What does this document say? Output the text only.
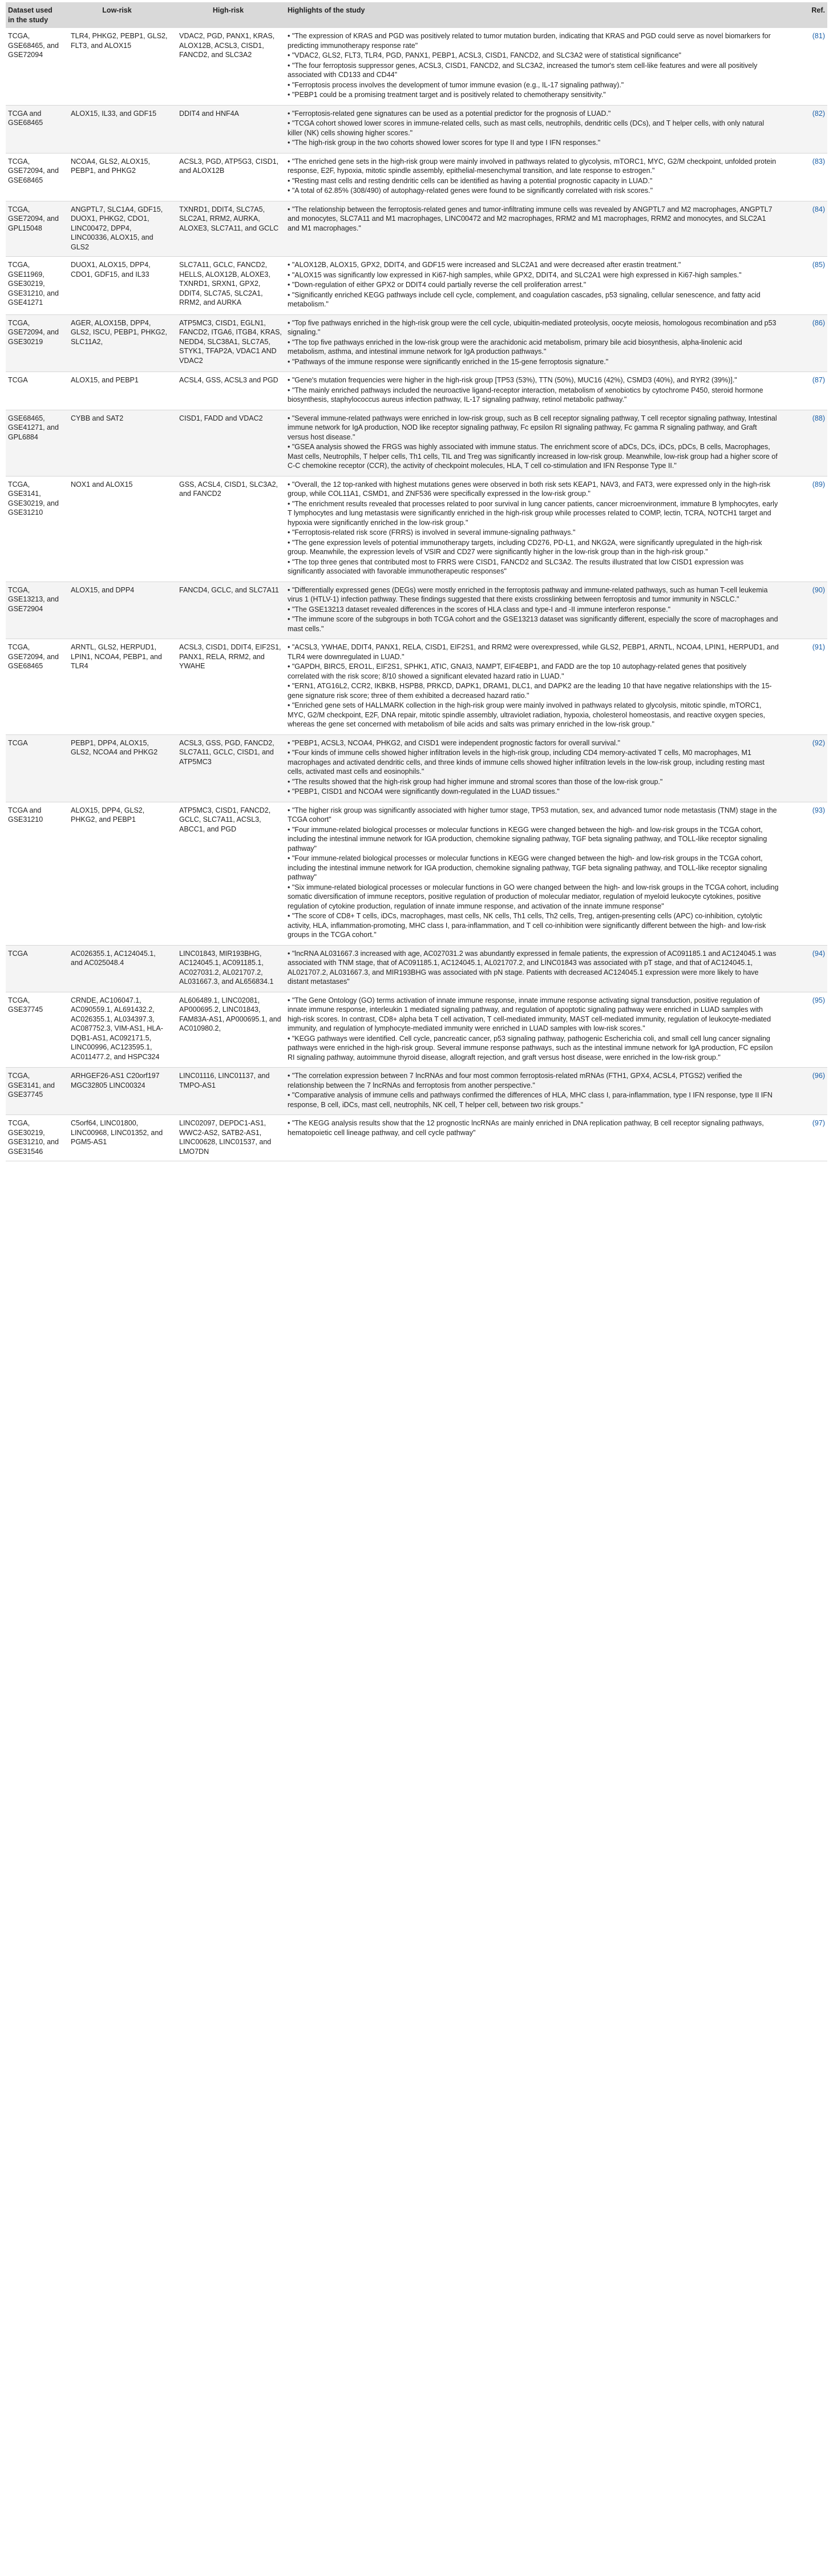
Dataset used in the study	Low-risk	High-risk	Highlights of the study	Ref.
TCGA, GSE68465, and GSE72094	TLR4, PHKG2, PEBP1, GLS2, FLT3, and ALOX15	VDAC2, PGD, PANX1, KRAS, ALOX12B, ACSL3, CISD1, FANCD2, and SLC3A2	• "The expression of KRAS and PGD was positively related to tumor mutation burden, indicating that KRAS and PGD could serve as novel biomarkers for predicting immunotherapy response rate"
• "VDAC2, GLS2, FLT3, TLR4, PGD, PANX1, PEBP1, ACSL3, CISD1, FANCD2, and SLC3A2 were of statistical significance"
• "The four ferroptosis suppressor genes, ACSL3, CISD1, FANCD2, and SLC3A2, increased the tumor's stem cell-like features and were all positively associated with CD133 and CD44"
• "Ferroptosis process involves the development of tumor immune evasion (e.g., IL-17 signaling pathway)."
• "PEBP1 could be a promising treatment target and is positively related to chemotherapy sensitivity."	(81)
TCGA and GSE68465	ALOX15, IL33, and GDF15	DDIT4 and HNF4A	• "Ferroptosis-related gene signatures can be used as a potential predictor for the prognosis of LUAD."
• "TCGA cohort showed lower scores in immune-related cells, such as mast cells, neutrophils, dendritic cells (DCs), and T helper cells, with only natural killer (NK) cells showing higher scores."
• "The high-risk group in the two cohorts showed lower scores for type II and type I IFN responses."	(82)
TCGA, GSE72094, and GSE68465	NCOA4, GLS2, ALOX15, PEBP1, and PHKG2	ACSL3, PGD, ATP5G3, CISD1, and ALOX12B	• "The enriched gene sets in the high-risk group were mainly involved in pathways related to glycolysis, mTORC1, MYC, G2/M checkpoint, unfolded protein response, E2F, hypoxia, mitotic spindle assembly, epithelial-mesenchymal transition, and late response to estrogen."
• "Resting mast cells and resting dendritic cells can be identified as having a potential prognostic capacity in LUAD."
• "A total of 62.85% (308/490) of autophagy-related genes were found to be significantly correlated with risk scores."	(83)
TCGA, GSE72094, and GPL15048	ANGPTL7, SLC1A4, GDF15, DUOX1, PHKG2, CDO1, LINC00472, DPP4, LINC00336, ALOX15, and GLS2	TXNRD1, DDIT4, SLC7A5, SLC2A1, RRM2, AURKA, ALOXE3, SLC7A11, and GCLC	• "The relationship between the ferroptosis-related genes and tumor-infiltrating immune cells was revealed by ANGPTL7 and M2 macrophages, ANGPTL7 and monocytes, SLC7A11 and M1 macrophages, LINC00472 and M2 macrophages, RRM2 and M1 macrophages, RRM2 and monocytes, and SLC2A1 and M1 macrophages."	(84)
TCGA, GSE11969, GSE30219, GSE31210, and GSE41271	DUOX1, ALOX15, DPP4, CDO1, GDF15, and IL33	SLC7A11, GCLC, FANCD2, HELLS, ALOX12B, ALOXE3, TXNRD1, SRXN1, GPX2, DDIT4, SLC7A5, SLC2A1, RRM2, and AURKA	• "ALOX12B, ALOX15, GPX2, DDIT4, and GDF15 were increased and SLC2A1 and were decreased after erastin treatment."
• "ALOX15 was significantly low expressed in Ki67-high samples, while GPX2, DDIT4, and SLC2A1 were high expressed in Ki67-high samples."
• "Down-regulation of either GPX2 or DDIT4 could partially reverse the cell proliferation arrest."
• "Significantly enriched KEGG pathways include cell cycle, complement, and coagulation cascades, p53 signaling, cellular senescence, and fatty acid metabolism."	(85)
TCGA, GSE72094, and GSE30219	AGER, ALOX15B, DPP4, GLS2, ISCU, PEBP1, PHKG2, SLC11A2,	ATP5MC3, CISD1, EGLN1, FANCD2, ITGA6, ITGB4, KRAS, NEDD4, SLC38A1, SLC7A5, STYK1, TFAP2A, VDAC1 AND VDAC2	• "Top five pathways enriched in the high-risk group were the cell cycle, ubiquitin-mediated proteolysis, oocyte meiosis, homologous recombination and p53 signaling."
• "The top five pathways enriched in the low-risk group were the arachidonic acid metabolism, primary bile acid biosynthesis, alpha-linolenic acid metabolism, asthma, and intestinal immune network for IgA production pathways."
• "Pathways of the immune response were significantly enriched in the 15-gene ferroptosis signature."	(86)
TCGA	ALOX15, and PEBP1	ACSL4, GSS, ACSL3 and PGD	• "Gene's mutation frequencies were higher in the high-risk group [TP53 (53%), TTN (50%), MUC16 (42%), CSMD3 (40%), and RYR2 (39%)]."
• "The mainly enriched pathways included the neuroactive ligand-receptor interaction, metabolism of xenobiotics by cytochrome P450, steroid hormone biosynthesis, staphylococcus aureus infection pathway, IL-17 signaling pathway, retinol metabolic pathway."	(87)
GSE68465, GSE41271, and GPL6884	CYBB and SAT2	CISD1, FADD and VDAC2	• "Several immune-related pathways were enriched in low-risk group, such as B cell receptor signaling pathway, T cell receptor signaling pathway, Intestinal immune network for IgA production, NOD like receptor signaling pathway, Fc epsilon RI signaling pathway, Fc gamma R signaling pathway, and Graft versus host disease."
• "GSEA analysis showed the FRGS was highly associated with immune status. The enrichment score of aDCs, DCs, iDCs, pDCs, B cells, Macrophages, Mast cells, Neutrophils, T helper cells, Th1 cells, TIL and Treg was significantly increased in low-risk group. Meanwhile, low-risk group had a higher score of C-C chemokine receptor (CCR), the activity of checkpoint molecules, HLA, T cell co-stimulation and IFN Response Type II."	(88)
TCGA, GSE3141, GSE30219, and GSE31210	NOX1 and ALOX15	GSS, ACSL4, CISD1, SLC3A2, and FANCD2	• "Overall, the 12 top-ranked with highest mutations genes were observed in both risk sets KEAP1, NAV3, and FAT3, were expressed only in the high-risk group, while COL11A1, CSMD1, and ZNF536 were specifically expressed in the low-risk group."
• "The enrichment results revealed that processes related to poor survival in lung cancer patients, cancer microenvironment, immature B lymphocytes, early T lymphocytes and lung metastasis were significantly enriched in the high-risk group while processes related to COMP, lectin, TCRA, NOTCH1 target and hypoxia were significantly enriched in the low-risk group."
• "Ferroptosis-related risk score (FRRS) is involved in several immune-signaling pathways."
• "The gene expression levels of potential immunotherapy targets, including CD276, PD-L1, and NKG2A, were significantly upregulated in the high-risk group. Meanwhile, the expression levels of VSIR and CD27 were significantly higher in the low-risk group than in the high-risk group."
• "The top three genes that contributed most to FRRS were CISD1, FANCD2 and SLC3A2. The results illustrated that low CISD1 expression was significantly associated with favorable immunotherapeutic responses"	(89)
TCGA, GSE13213, and GSE72904	ALOX15, and DPP4	FANCD4, GCLC, and SLC7A11	• "Differentially expressed genes (DEGs) were mostly enriched in the ferroptosis pathway and immune-related pathways, such as human T-cell leukemia virus 1 (HTLV-1) infection pathway. These findings suggested that there exists crosslinking between ferroptosis and tumor immunity in NSCLC."
• "The GSE13213 dataset revealed differences in the scores of HLA class and type-I and -II immune interferon response."
• "The immune score of the subgroups in both TCGA cohort and the GSE13213 dataset was significantly different, especially the score of macrophages and mast cells."	(90)
TCGA, GSE72094, and GSE68465	ARNTL, GLS2, HERPUD1, LPIN1, NCOA4, PEBP1, and TLR4	ACSL3, CISD1, DDIT4, EIF2S1, PANX1, RELA, RRM2, and YWAHE	• "ACSL3, YWHAE, DDIT4, PANX1, RELA, CISD1, EIF2S1, and RRM2 were overexpressed, while GLS2, PEBP1, ARNTL, NCOA4, LPIN1, HERPUD1, and TLR4 were downregulated in LUAD."
• "GAPDH, BIRC5, ERO1L, EIF2S1, SPHK1, ATIC, GNAI3, NAMPT, EIF4EBP1, and FADD are the top 10 autophagy-related genes that positively correlated with the risk score; 8/10 showed a significant elevated hazard ratio in LUAD."
• "ERN1, ATG16L2, CCR2, IKBKB, HSPB8, PRKCD, DAPK1, DRAM1, DLC1, and DAPK2 are the leading 10 that have negative relationships with the 15-gene signature risk score; three of them exhibited a decreased hazard ratio."
• "Enriched gene sets of HALLMARK collection in the high-risk group were mainly involved in pathways related to glycolysis, mitotic spindle, mTORC1, MYC, G2/M checkpoint, E2F, DNA repair, mitotic spindle assembly, ultraviolet radiation, hypoxia, cholesterol homeostasis, and reactive oxygen species, whereas the gene set concerned with metabolism of bile acids and salts was primary enriched in the low-risk group."	(91)
TCGA	PEBP1, DPP4, ALOX15, GLS2, NCOA4 and PHKG2	ACSL3, GSS, PGD, FANCD2, SLC7A11, GCLC, CISD1, and ATP5MC3	• "PEBP1, ACSL3, NCOA4, PHKG2, and CISD1 were independent prognostic factors for overall survival."
• "Four kinds of immune cells showed higher infiltration levels in the high-risk group, including CD4 memory-activated T cells, M0 macrophages, M1 macrophages and activated dendritic cells, and three kinds of immune cells showed higher infiltration levels in the low-risk group, including resting mast cells, activated mast cells and eosinophils."
• "The results showed that the high-risk group had higher immune and stromal scores than those of the low-risk group."
• "PEBP1, CISD1 and NCOA4 were significantly down-regulated in the LUAD tissues."	(92)
TCGA and GSE31210	ALOX15, DPP4, GLS2, PHKG2, and PEBP1	ATP5MC3, CISD1, FANCD2, GCLC, SLC7A11, ACSL3, ABCC1, and PGD	• "The higher risk group was significantly associated with higher tumor stage, TP53 mutation, sex, and advanced tumor node metastasis (TNM) stage in the TCGA cohort"
• "Four immune-related biological processes or molecular functions in KEGG were changed between the high- and low-risk groups in the TCGA cohort, including the intestinal immune network for IGA production, chemokine signaling pathway, TGF beta signaling pathway, and TOLL-like receptor signaling pathway"
• "Four immune-related biological processes or molecular functions in KEGG were changed between the high- and low-risk groups in the TCGA cohort, including the intestinal immune network for IGA production, chemokine signaling pathway, TGF beta signaling pathway, and TOLL-like receptor signaling pathway"
• "Six immune-related biological processes or molecular functions in GO were changed between the high- and low-risk groups in the TCGA cohort, including somatic diversification of immune receptors, positive regulation of production of molecular mediator, regulation of myeloid leukocyte cytokines, positive regulation of cytokine production, regulation of innate immune response, and activation of the innate immune response"
• "The score of CD8+ T cells, iDCs, macrophages, mast cells, NK cells, Th1 cells, Th2 cells, Treg, antigen-presenting cells (APC) co-inhibition, cytolytic activity, HLA, inflammation-promoting, MHC class I, para-inflammation, and T cell co-inhibition were significantly different between the high- and low-risk groups in the TCGA cohort."	(93)
TCGA	AC026355.1, AC124045.1, and AC025048.4	LINC01843, MIR193BHG, AC124045.1, AC091185.1, AC027031.2, AL021707.2, AL031667.3, and AL656834.1	• "lncRNA AL031667.3 increased with age, AC027031.2 was abundantly expressed in female patients, the expression of AC091185.1 and AC124045.1 was associated with TNM stage, that of AC091185.1, AC124045.1, AL021707.2, and LINC01843 was associated with pT stage, and that of AC124045.1, AL021707.2, AL031667.3, and MIR193BHG was associated with pN stage. Patients with decreased AC124045.1 expression were more likely to have distant metastases"	(94)
TCGA, GSE37745	CRNDE, AC106047.1, AC090559.1, AL691432.2, AC026355.1, AL034397.3, AC087752.3, VIM-AS1, HLA-DQB1-AS1, AC092171.5, LINC00996, AC123595.1, AC011477.2, and HSPC324	AL606489.1, LINC02081, AP000695.2, LINC01843, FAM83A-AS1, AP000695.1, and AC010980.2,	• "The Gene Ontology (GO) terms activation of innate immune response, innate immune response activating signal transduction, positive regulation of innate immune response, interleukin 1 mediated signaling pathway, and regulation of apoptotic signaling pathway were enriched in LUAD samples with high-risk scores. In contrast, CD8+ alpha beta T cell activation, T cell-mediated immunity, MAST cell-mediated immunity, regulation of leukocyte-mediated immunity, and regulation of lymphocyte-mediated immunity were enriched in LUAD samples with low-risk scores."
• "KEGG pathways were identified. Cell cycle, pancreatic cancer, p53 signaling pathway, pathogenic Escherichia coli, and small cell lung cancer signaling pathways were enriched in the high-risk group. Several immune response pathways, such as the intestinal immune network for IgA production, FC epsilon RI signaling pathway, autoimmune thyroid disease, allograft rejection, and graft versus host disease, were enriched in the low-risk group."	(95)
TCGA, GSE3141, and GSE37745	ARHGEF26-AS1 C20orf197 MGC32805 LINC00324	LINC01116, LINC01137, and TMPO-AS1	• "The correlation expression between 7 lncRNAs and four most common ferroptosis-related mRNAs (FTH1, GPX4, ACSL4, PTGS2) verified the relationship between the 7 lncRNAs and ferroptosis from another perspective."
• "Comparative analysis of immune cells and pathways confirmed the differences of HLA, MHC class I, para-inflammation, type I IFN response, type II IFN response, B cell, iDCs, mast cell, neutrophils, NK cell, T helper cell, between two risk groups."	(96)
TCGA, GSE30219, GSE31210, and GSE31546	C5orf64, LINC01800, LINC00968, LINC01352, and PGM5-AS1	LINC02097, DEPDC1-AS1, WWC2-AS2, SATB2-AS1, LINC00628, LINC01537, and LMO7DN	• "The KEGG analysis results show that the 12 prognostic lncRNAs are mainly enriched in DNA replication pathway, B cell receptor signaling pathways, hematopoietic cell lineage pathway, and cell cycle pathway"	(97)
